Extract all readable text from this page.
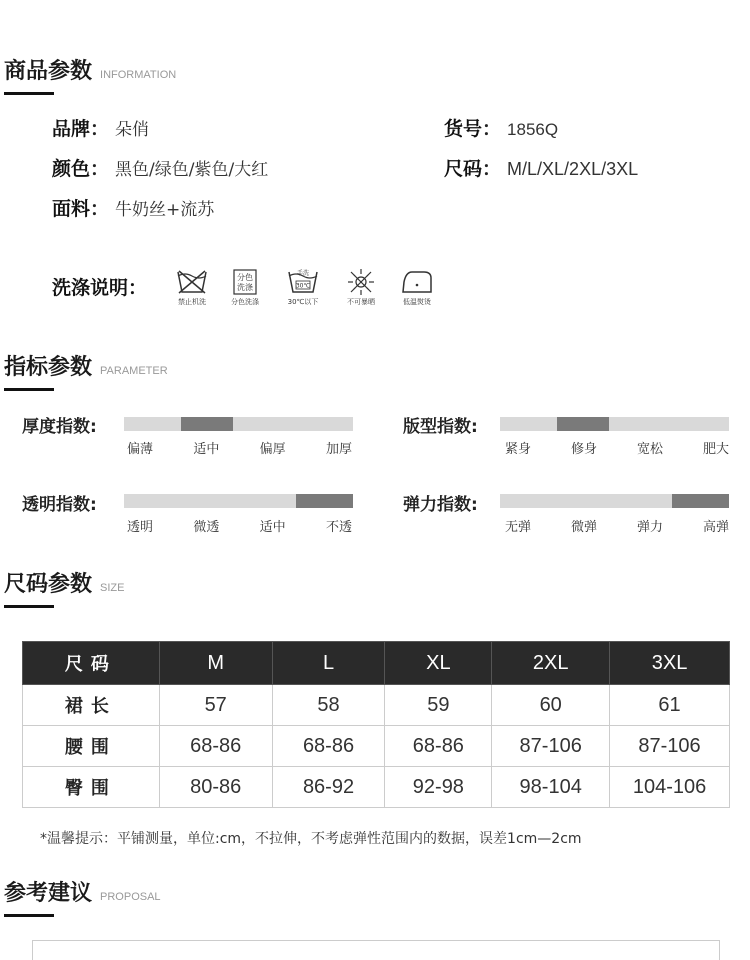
商品参数 INFORMATION
品牌： 朵俏	货号： 1856Q
颜色： 黑色/绿色/紫色/大红	尺码： M/L/XL/2XL/3XL
面料： 牛奶丝+流苏
洗涤说明：
禁止机洗
分色
洗涤
分色洗涤
手洗
30℃
30℃以下	不可暴晒	低温熨烫
指标参数 PARAMETER
厚度指数:
偏薄	适中	偏厚	加厚
版型指数:
紧身	修身	宽松	肥大
透明指数:
透明	微透	适中	不透
弹力指数:
无弹	微弹	弹力	高弹
尺码参数 SIZE
尺码	M	L	XL	2XL	3XL
裙长	57	58	59	60	61
腰围	68-86	68-86	68-86	87-106	87-106
臀围	80-86	86-92	92-98	98-104	104-106
*温馨提示：平铺测量，单位:cm，不拉伸，不考虑弹性范围内的数据，误差1cm—2cm
参考建议 PROPOSAL
